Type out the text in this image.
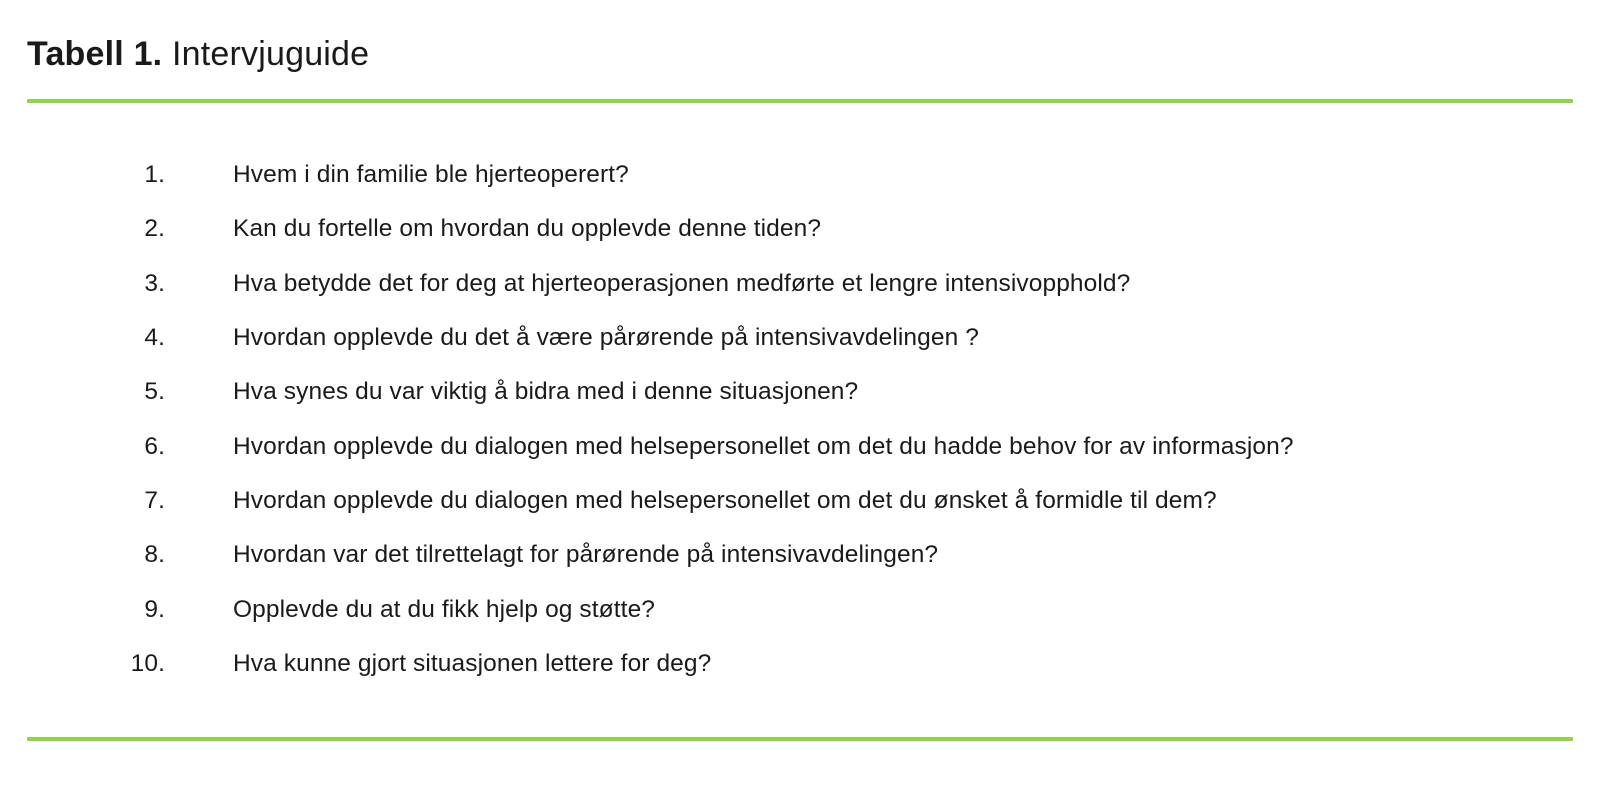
Tabell 1. Intervjuguide
1.	Hvem i din familie ble hjerteoperert?
2.	Kan du fortelle om hvordan du opplevde denne tiden?
3.	Hva betydde det for deg at hjerteoperasjonen medførte et lengre intensivopphold?
4.	Hvordan opplevde du det å være pårørende på intensivavdelingen ?
5.	Hva synes du var viktig å bidra med i denne situasjonen?
6.	Hvordan opplevde du dialogen med helsepersonellet om det du hadde behov for av informasjon?
7.	Hvordan opplevde du dialogen med helsepersonellet om det du ønsket å formidle til dem?
8.	Hvordan var det tilrettelagt for pårørende på intensivavdelingen?
9.	Opplevde du at du fikk hjelp og støtte?
10.	Hva kunne gjort situasjonen lettere for deg?
